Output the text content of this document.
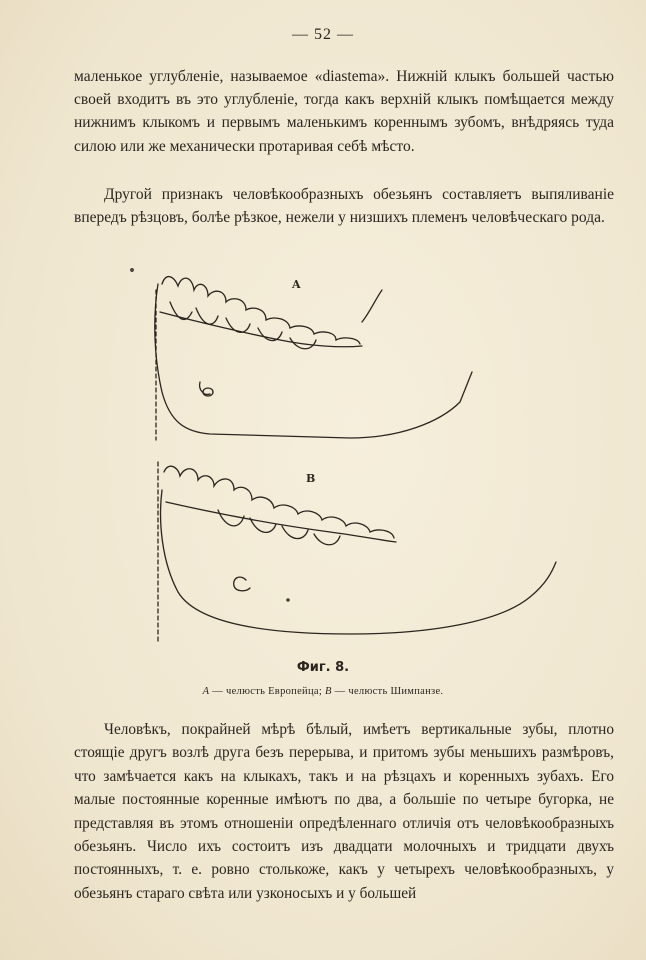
— 52 —

маленькое углубленіе, называемое «diastema». Нижній клыкъ большей частью своей входитъ въ это углубленіе, тогда какъ верхній клыкъ помѣщается между нижнимъ клыкомъ и первымъ маленькимъ кореннымъ зубомъ, внѣдряясь туда силою или же механически протаривая себѣ мѣсто.

Другой признакъ человѣкообразныхъ обезьянъ составляетъ выпяливаніе впередъ рѣзцовъ, болѣе рѣзкое, нежели у низшихъ племенъ человѣческаго рода.

A
B
Фиг. 8.
A — челюсть Европейца; B — челюсть Шимпанзе.

Человѣкъ, покрайней мѣрѣ бѣлый, имѣетъ вертикальные зубы, плотно стоящіе другъ возлѣ друга безъ перерыва, и притомъ зубы меньшихъ размѣровъ, что замѣчается какъ на клыкахъ, такъ и на рѣзцахъ и коренныхъ зубахъ. Его малые постоянные коренные имѣютъ по два, а большіе по четыре бугорка, не представляя въ этомъ отношеніи опредѣленнаго отличія отъ человѣкообразныхъ обезьянъ. Число ихъ состоитъ изъ двадцати молочныхъ и тридцати двухъ постоянныхъ, т. е. ровно столькоже, какъ у четырехъ человѣкообразныхъ, у обезьянъ стараго свѣта или узконосыхъ и у большей
